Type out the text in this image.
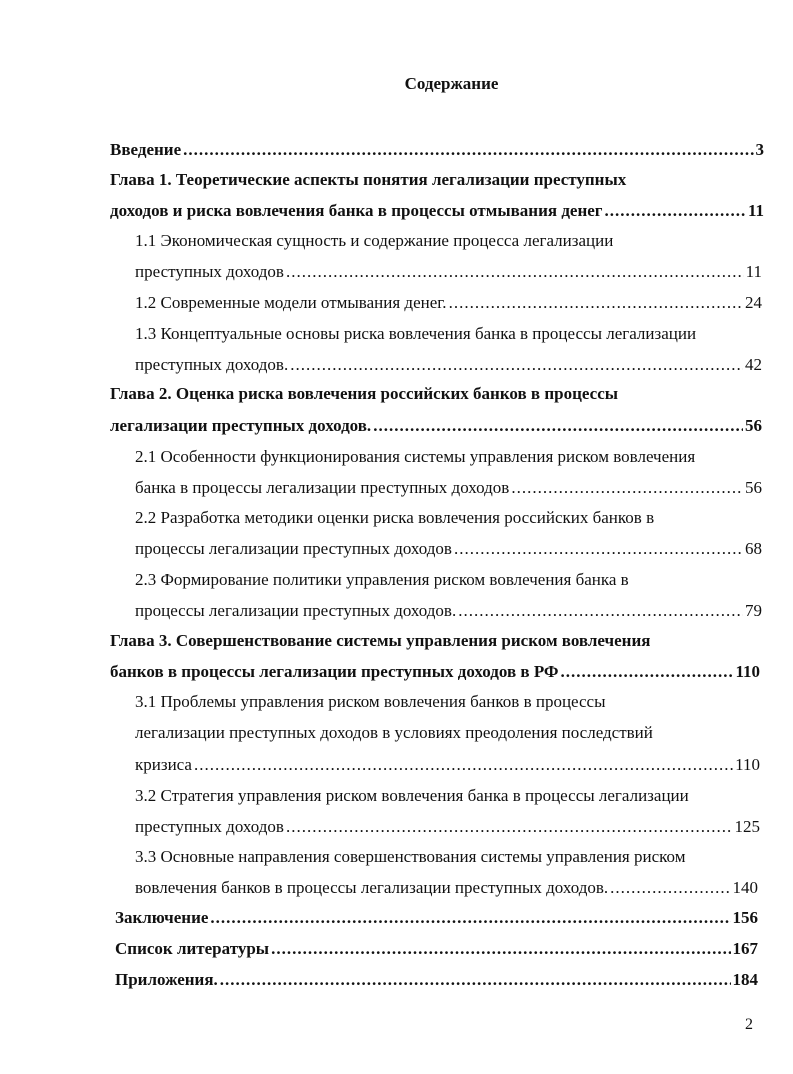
Содержание
Введение .....	3
Глава 1. Теоретические аспекты понятия легализации преступных
доходов и риска вовлечения банка в процессы отмывания денег .....	11
1.1 Экономическая сущность и содержание процесса легализации
преступных доходов .....	11
1.2 Современные модели отмывания денег. .....	24
1.3 Концептуальные основы риска вовлечения банка в процессы легализации
преступных доходов. .....	42
Глава 2. Оценка риска вовлечения российских банков в процессы
легализации преступных доходов. .....	56
2.1 Особенности функционирования системы управления риском вовлечения
банка в процессы легализации преступных доходов .....	56
2.2 Разработка методики оценки риска вовлечения российских банков в
процессы легализации преступных доходов .....	68
2.3 Формирование политики управления риском вовлечения банка в
процессы легализации преступных доходов. .....	79
Глава 3. Совершенствование системы управления риском вовлечения
банков в процессы легализации преступных доходов в РФ .....	110
3.1 Проблемы управления риском вовлечения банков в процессы
легализации преступных доходов в условиях преодоления последствий
кризиса .....	110
3.2 Стратегия управления риском вовлечения банка в процессы легализации
преступных доходов .....	125
3.3 Основные направления совершенствования системы управления риском
вовлечения банков в процессы легализации преступных доходов. .....	140
Заключение .....	156
Список литературы .....	167
Приложения. .....	184
2
